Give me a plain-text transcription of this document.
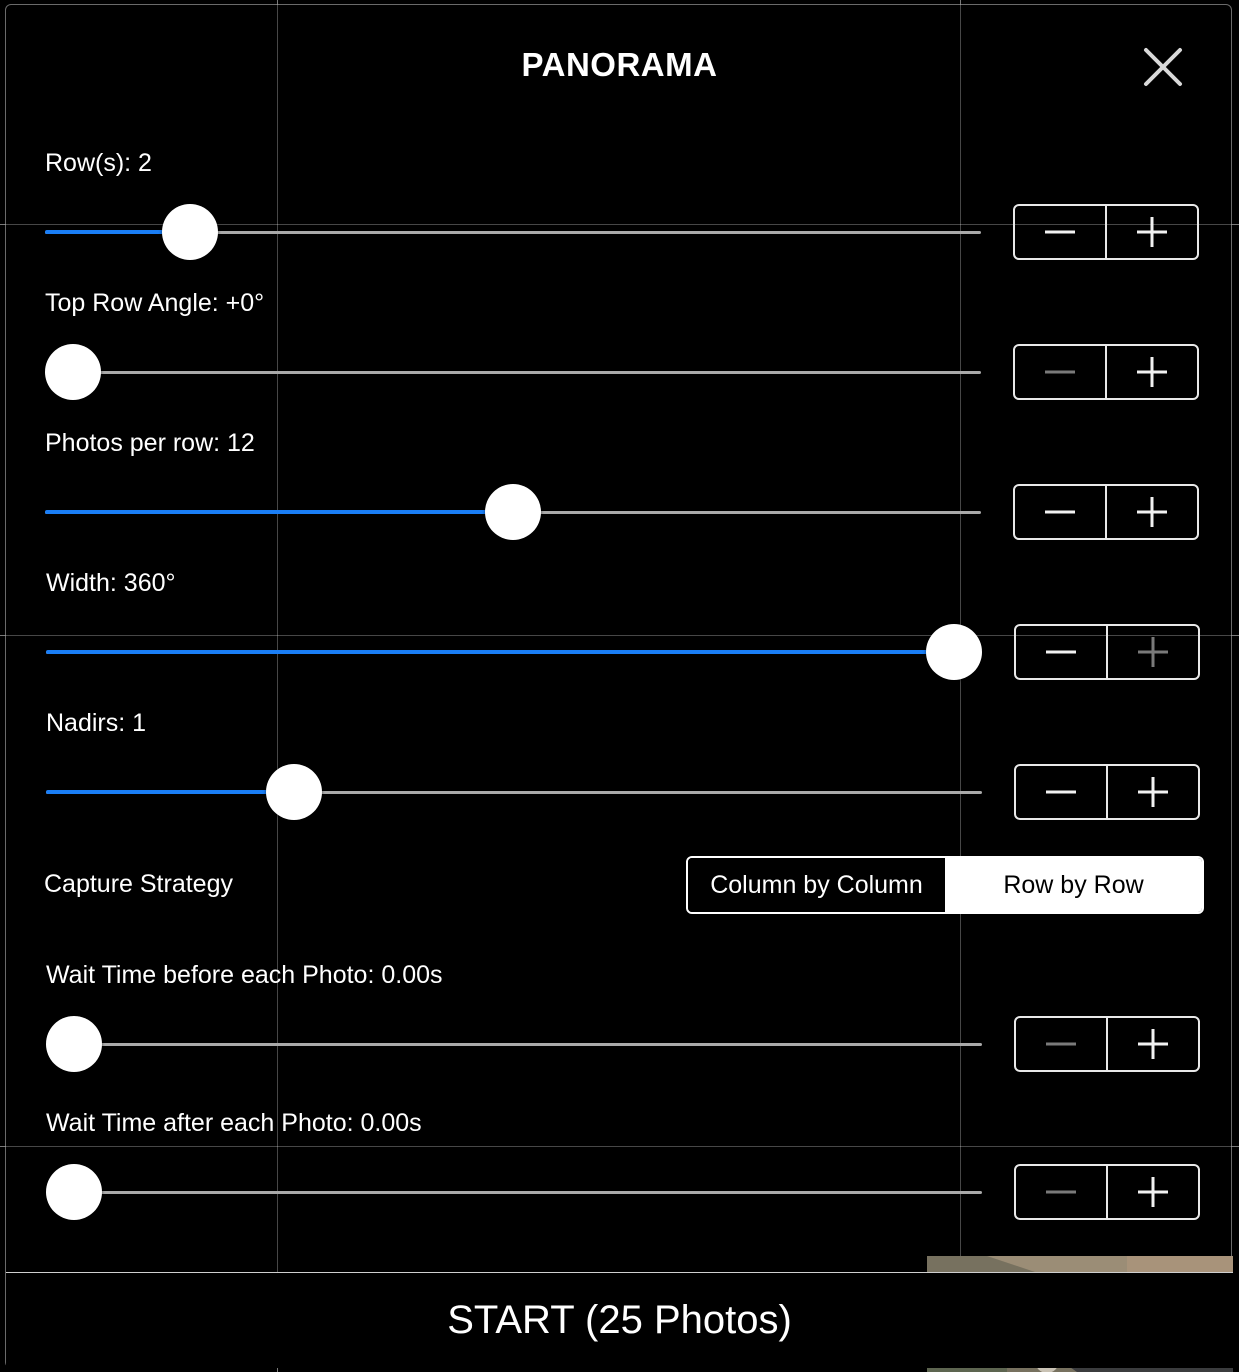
PANORAMA
Row(s): 2
Top Row Angle: +0°
Photos per row: 12
Width: 360°
Nadirs: 1
Wait Time before each Photo: 0.00s
Wait Time after each Photo: 0.00s
Capture Strategy	Column by Column	Row by Row
START (25 Photos)
